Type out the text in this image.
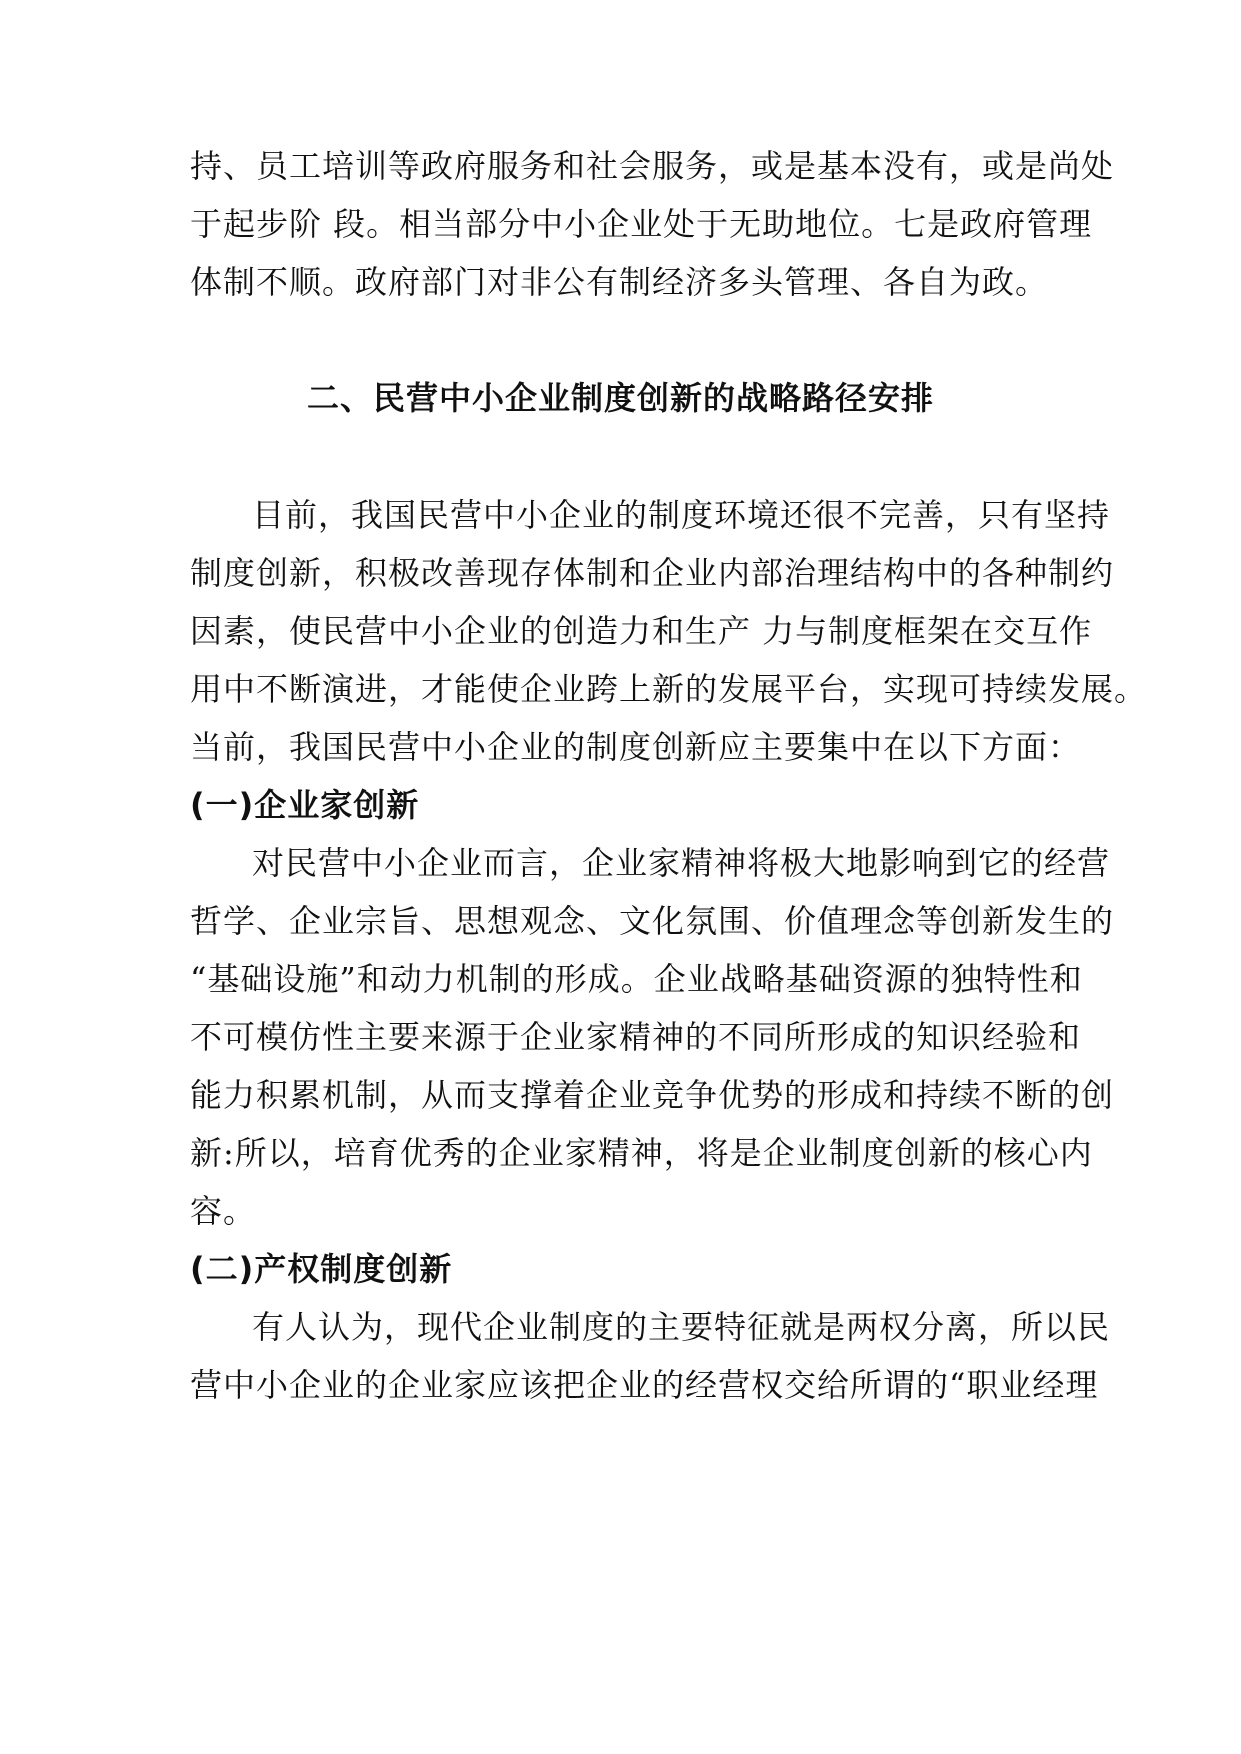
持、员工培训等政府服务和社会服务，或是基本没有，或是尚处
于起步阶 段。相当部分中小企业处于无助地位。七是政府管理
体制不顺。政府部门对非公有制经济多头管理、各自为政。
二、民营中小企业制度创新的战略路径安排
目前，我国民营中小企业的制度环境还很不完善，只有坚持
制度创新，积极改善现存体制和企业内部治理结构中的各种制约
因素，使民营中小企业的创造力和生产 力与制度框架在交互作
用中不断演进，才能使企业跨上新的发展平台，实现可持续发展。
当前，我国民营中小企业的制度创新应主要集中在以下方面：
(一)企业家创新
对民营中小企业而言，企业家精神将极大地影响到它的经营
哲学、企业宗旨、思想观念、文化氛围、价值理念等创新发生的
“基础设施”和动力机制的形成。企业战略基础资源的独特性和
不可模仿性主要来源于企业家精神的不同所形成的知识经验和
能力积累机制，从而支撑着企业竞争优势的形成和持续不断的创
新:所以，培育优秀的企业家精神，将是企业制度创新的核心内
容。
(二)产权制度创新
有人认为，现代企业制度的主要特征就是两权分离，所以民
营中小企业的企业家应该把企业的经营权交给所谓的“职业经理
